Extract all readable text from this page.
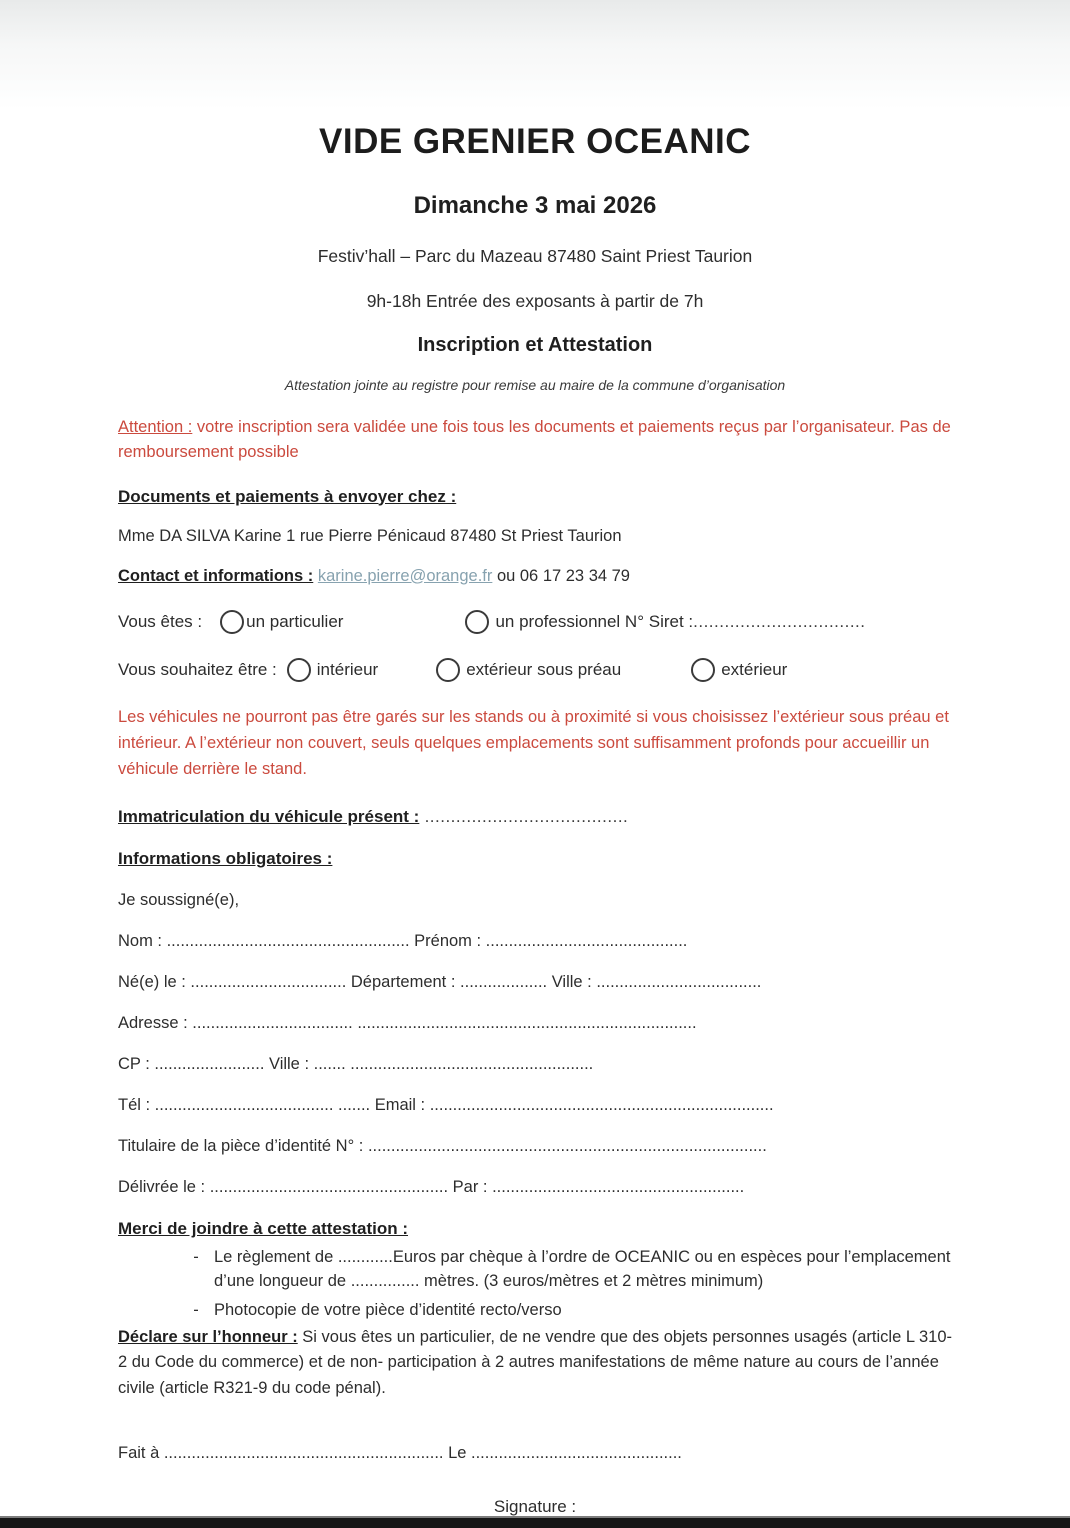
VIDE GRENIER OCEANIC
Dimanche 3 mai 2026
Festiv’hall – Parc du Mazeau 87480 Saint Priest Taurion
9h-18h Entrée des exposants à partir de 7h
Inscription et Attestation
Attestation jointe au registre pour remise au maire de la commune d’organisation
Attention : votre inscription sera validée une fois tous les documents et paiements reçus par l’organisateur. Pas de remboursement possible
Documents et paiements à envoyer chez :
Mme DA SILVA Karine 1 rue Pierre Pénicaud 87480 St Priest Taurion
Contact et informations : karine.pierre@orange.fr ou 06 17 23 34 79
Vous êtes :	un particulier	un professionnel N° Siret : .................................
Vous souhaitez être : intérieur	extérieur sous préau	extérieur
Les véhicules ne pourront pas être garés sur les stands ou à proximité si vous choisissez l’extérieur sous préau et intérieur. A l’extérieur non couvert, seuls quelques emplacements sont suffisamment profonds pour accueillir un véhicule derrière le stand.
Immatriculation du véhicule présent : .......................................
Informations obligatoires :
Je soussigné(e),
Nom : ..................................................... Prénom : ............................................
Né(e) le : .................................. Département : ................... Ville : ....................................
Adresse : ................................... ..........................................................................
CP : ........................ Ville : ....... .....................................................
Tél : ....................................... ....... Email : ...........................................................................
Titulaire de la pièce d’identité N° : .......................................................................................
Délivrée le : .................................................... Par : .......................................................
Merci de joindre à cette attestation :
- Le règlement de ............Euros par chèque à l’ordre de OCEANIC ou en espèces pour l’emplacement d’une longueur de ............... mètres. (3 euros/mètres et 2 mètres minimum)
- Photocopie de votre pièce d’identité recto/verso
Déclare sur l’honneur : Si vous êtes un particulier, de ne vendre que des objets personnes usagés (article L 310-2 du Code du commerce) et de non- participation à 2 autres manifestations de même nature au cours de l’année civile (article R321-9 du code pénal).
Fait à ............................................................. Le ..............................................
Signature :
